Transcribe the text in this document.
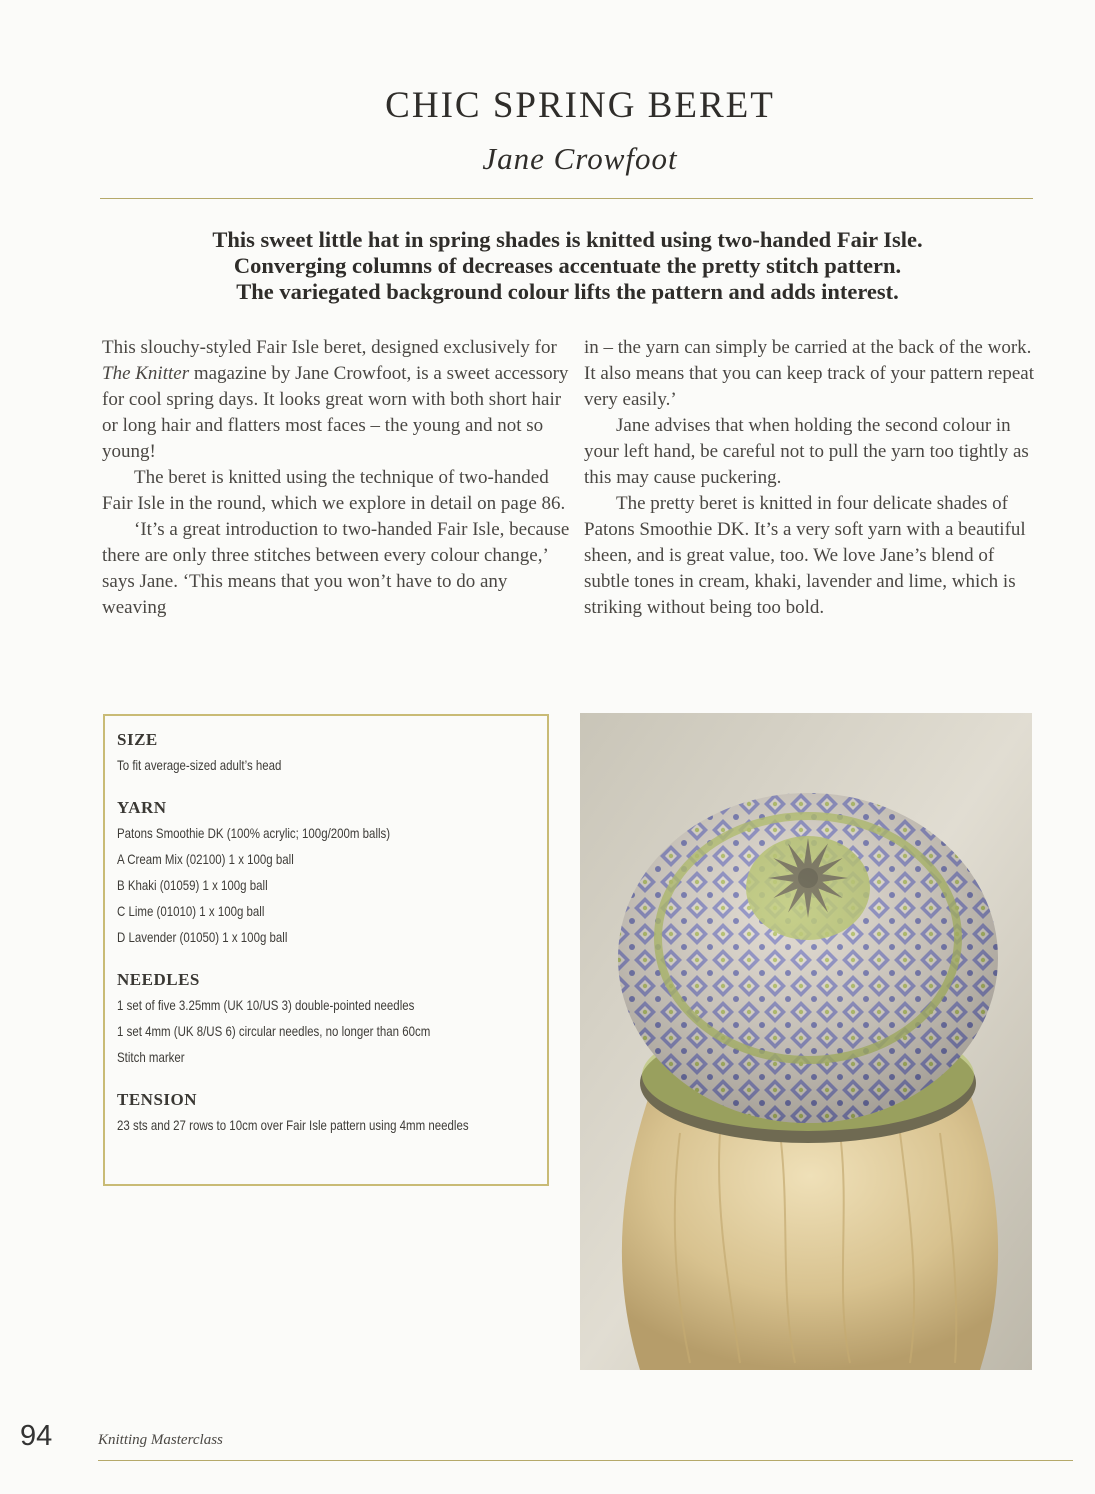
CHIC SPRING BERET
Jane Crowfoot
This sweet little hat in spring shades is knitted using two-handed Fair Isle.
Converging columns of decreases accentuate the pretty stitch pattern.
The variegated background colour lifts the pattern and adds interest.

This slouchy-styled Fair Isle beret, designed exclusively for The Knitter magazine by Jane Crowfoot, is a sweet accessory for cool spring days. It looks great worn with both short hair or long hair and flatters most faces – the young and not so young!

The beret is knitted using the technique of two-handed Fair Isle in the round, which we explore in detail on page 86.

‘It’s a great introduction to two-handed Fair Isle, because there are only three stitches between every colour change,’ says Jane. ‘This means that you won’t have to do any weaving

in – the yarn can simply be carried at the back of the work. It also means that you can keep track of your pattern repeat very easily.’

Jane advises that when holding the second colour in your left hand, be careful not to pull the yarn too tightly as this may cause puckering.

The pretty beret is knitted in four delicate shades of Patons Smoothie DK. It’s a very soft yarn with a beautiful sheen, and is great value, too. We love Jane’s blend of subtle tones in cream, khaki, lavender and lime, which is striking without being too bold.

SIZE
To fit average-sized adult’s head
YARN
Patons Smoothie DK (100% acrylic; 100g/200m balls)
A Cream Mix (02100) 1 x 100g ball
B Khaki (01059) 1 x 100g ball
C Lime (01010) 1 x 100g ball
D Lavender (01050) 1 x 100g ball
NEEDLES
1 set of five 3.25mm (UK 10/US 3) double-pointed needles
1 set 4mm (UK 8/US 6) circular needles, no longer than 60cm
Stitch marker
TENSION
23 sts and 27 rows to 10cm over Fair Isle pattern using 4mm needles
94	Knitting Masterclass
